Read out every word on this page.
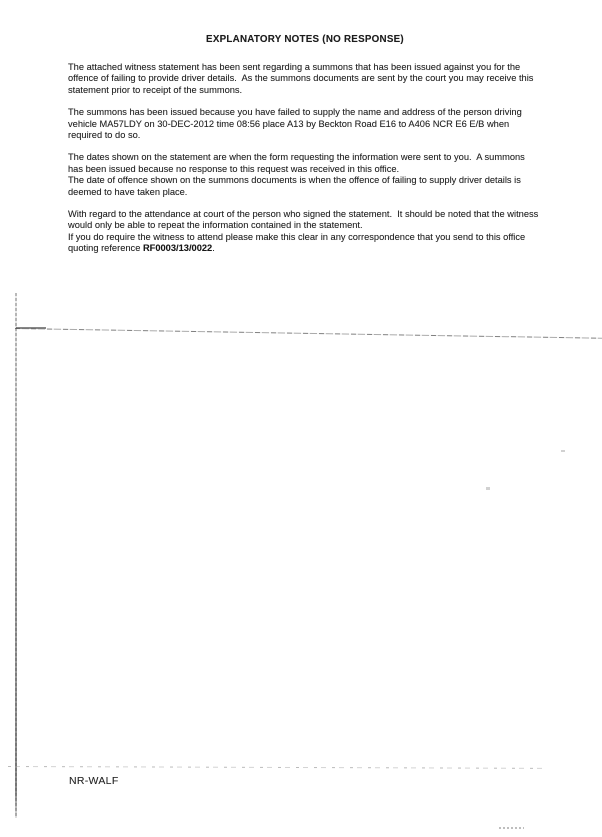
EXPLANATORY NOTES (NO RESPONSE)

The attached witness statement has been sent regarding a summons that has been issued against you for the offence of failing to provide driver details.  As the summons documents are sent by the court you may receive this statement prior to receipt of the summons.

The summons has been issued because you have failed to supply the name and address of the person driving vehicle MA57LDY on 30-DEC-2012 time 08:56 place A13 by Beckton Road E16 to A406 NCR E6 E/B when required to do so.

The dates shown on the statement are when the form requesting the information were sent to you.  A summons has been issued because no response to this request was received in this office.
The date of offence shown on the summons documents is when the offence of failing to supply driver details is deemed to have taken place.

With regard to the attendance at court of the person who signed the statement.  It should be noted that the witness would only be able to repeat the information contained in the statement.
If you do require the witness to attend please make this clear in any correspondence that you send to this office quoting reference RF0003/13/0022.

NR-WALF
